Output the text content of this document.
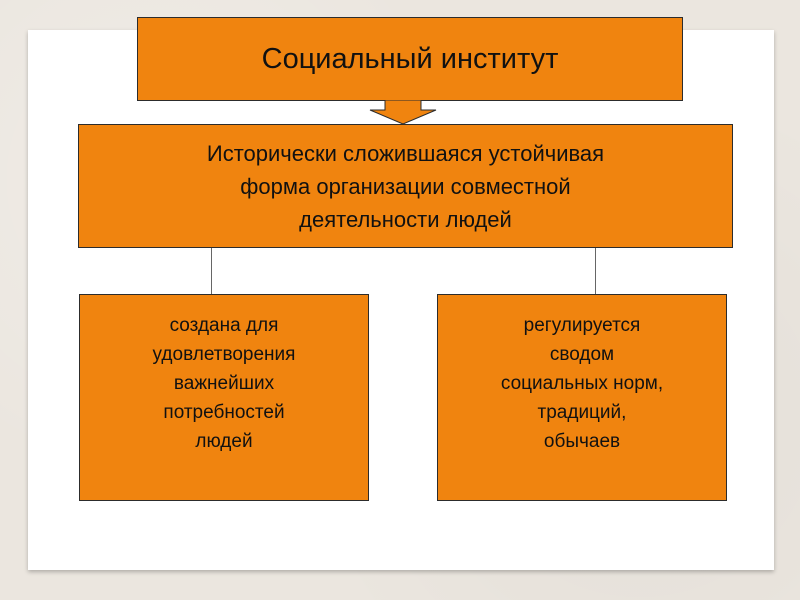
Социальный институт
Исторически сложившаяся устойчивая
форма организации совместной
деятельности людей
создана для
удовлетворения
важнейших
потребностей
людей
регулируется
сводом
социальных норм,
традиций,
обычаев
